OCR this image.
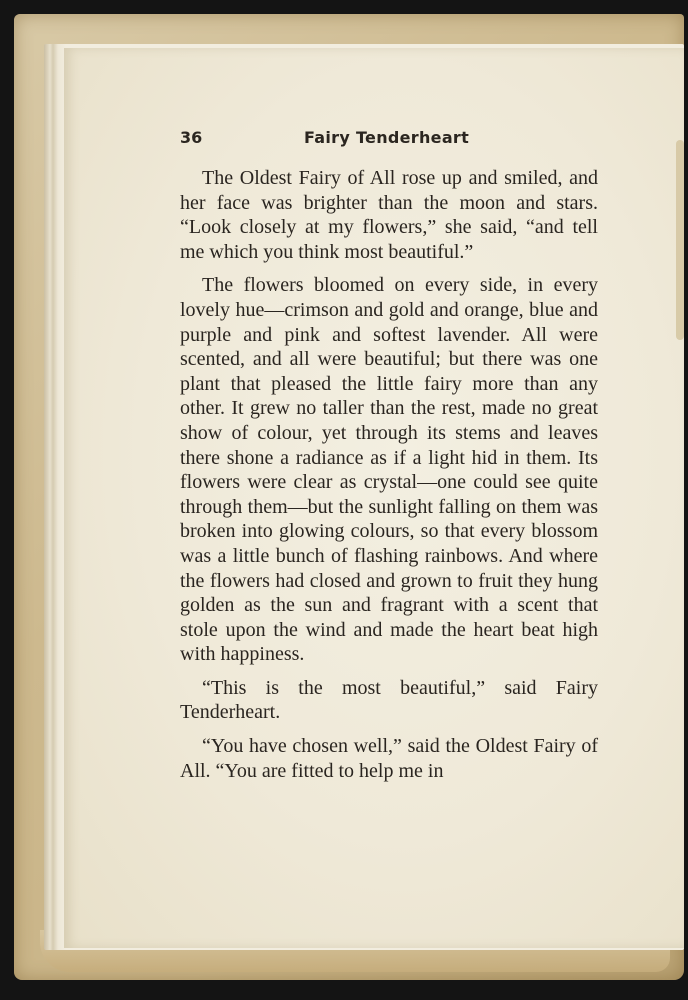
36	Fairy Tenderheart

The Oldest Fairy of All rose up and smiled, and her face was brighter than the moon and stars. “Look closely at my flowers,” she said, “and tell me which you think most beautiful.”

The flowers bloomed on every side, in every lovely hue—crimson and gold and orange, blue and purple and pink and softest lavender. All were scented, and all were beautiful; but there was one plant that pleased the little fairy more than any other. It grew no taller than the rest, made no great show of colour, yet through its stems and leaves there shone a radiance as if a light hid in them. Its flowers were clear as crystal—one could see quite through them—but the sunlight falling on them was broken into glowing colours, so that every blossom was a little bunch of flashing rainbows. And where the flowers had closed and grown to fruit they hung golden as the sun and fragrant with a scent that stole upon the wind and made the heart beat high with happiness.

“This is the most beautiful,” said Fairy Tenderheart.

“You have chosen well,” said the Oldest Fairy of All. “You are fitted to help me in
